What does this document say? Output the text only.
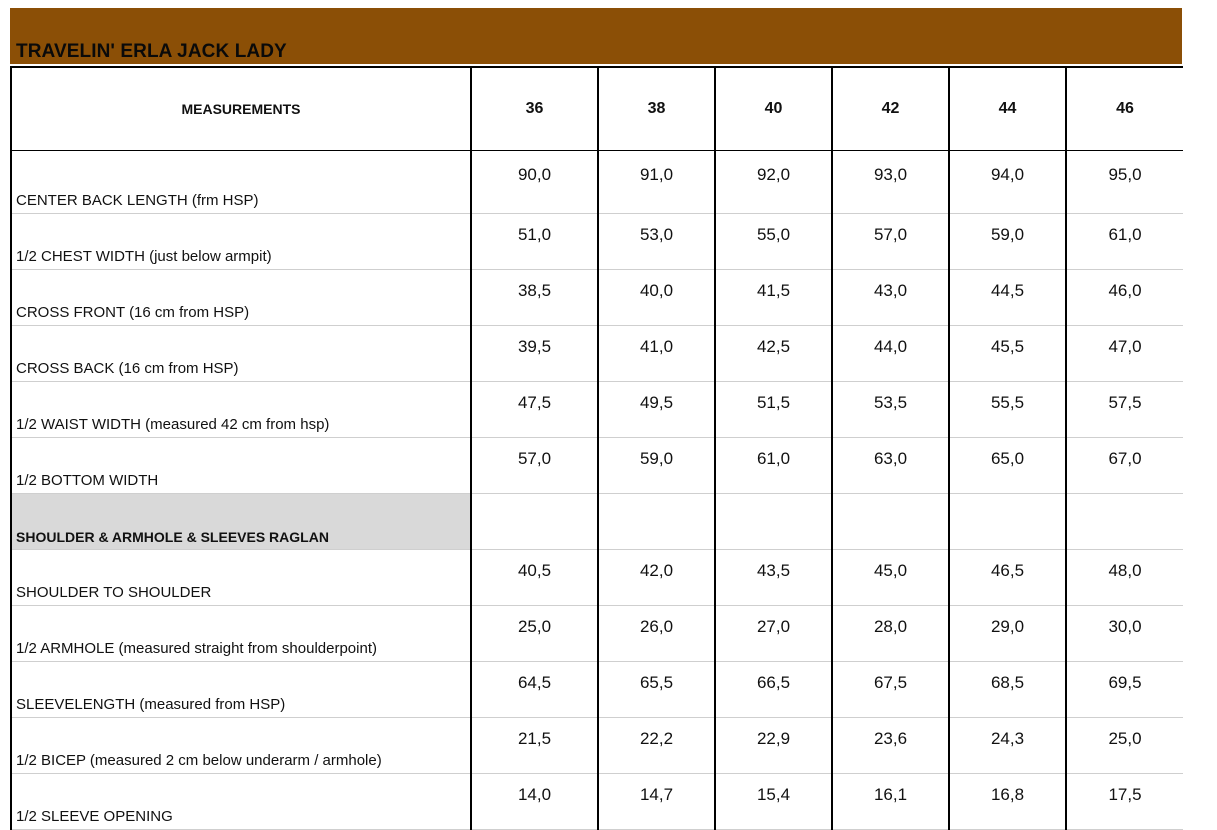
TRAVELIN' ERLA JACK LADY
MEASUREMENTS	36	38	40	42	44	46
CENTER BACK LENGTH (frm HSP)	90,0	91,0	92,0	93,0	94,0	95,0
1/2 CHEST WIDTH (just below armpit)	51,0	53,0	55,0	57,0	59,0	61,0
CROSS FRONT (16 cm from HSP)	38,5	40,0	41,5	43,0	44,5	46,0
CROSS BACK (16 cm from HSP)	39,5	41,0	42,5	44,0	45,5	47,0
1/2 WAIST WIDTH (measured 42 cm from hsp)	47,5	49,5	51,5	53,5	55,5	57,5
1/2 BOTTOM WIDTH	57,0	59,0	61,0	63,0	65,0	67,0
SHOULDER & ARMHOLE & SLEEVES RAGLAN						
SHOULDER TO SHOULDER	40,5	42,0	43,5	45,0	46,5	48,0
1/2 ARMHOLE (measured straight from shoulderpoint)	25,0	26,0	27,0	28,0	29,0	30,0
SLEEVELENGTH (measured from HSP)	64,5	65,5	66,5	67,5	68,5	69,5
1/2 BICEP (measured 2 cm below underarm / armhole)	21,5	22,2	22,9	23,6	24,3	25,0
1/2 SLEEVE OPENING	14,0	14,7	15,4	16,1	16,8	17,5
